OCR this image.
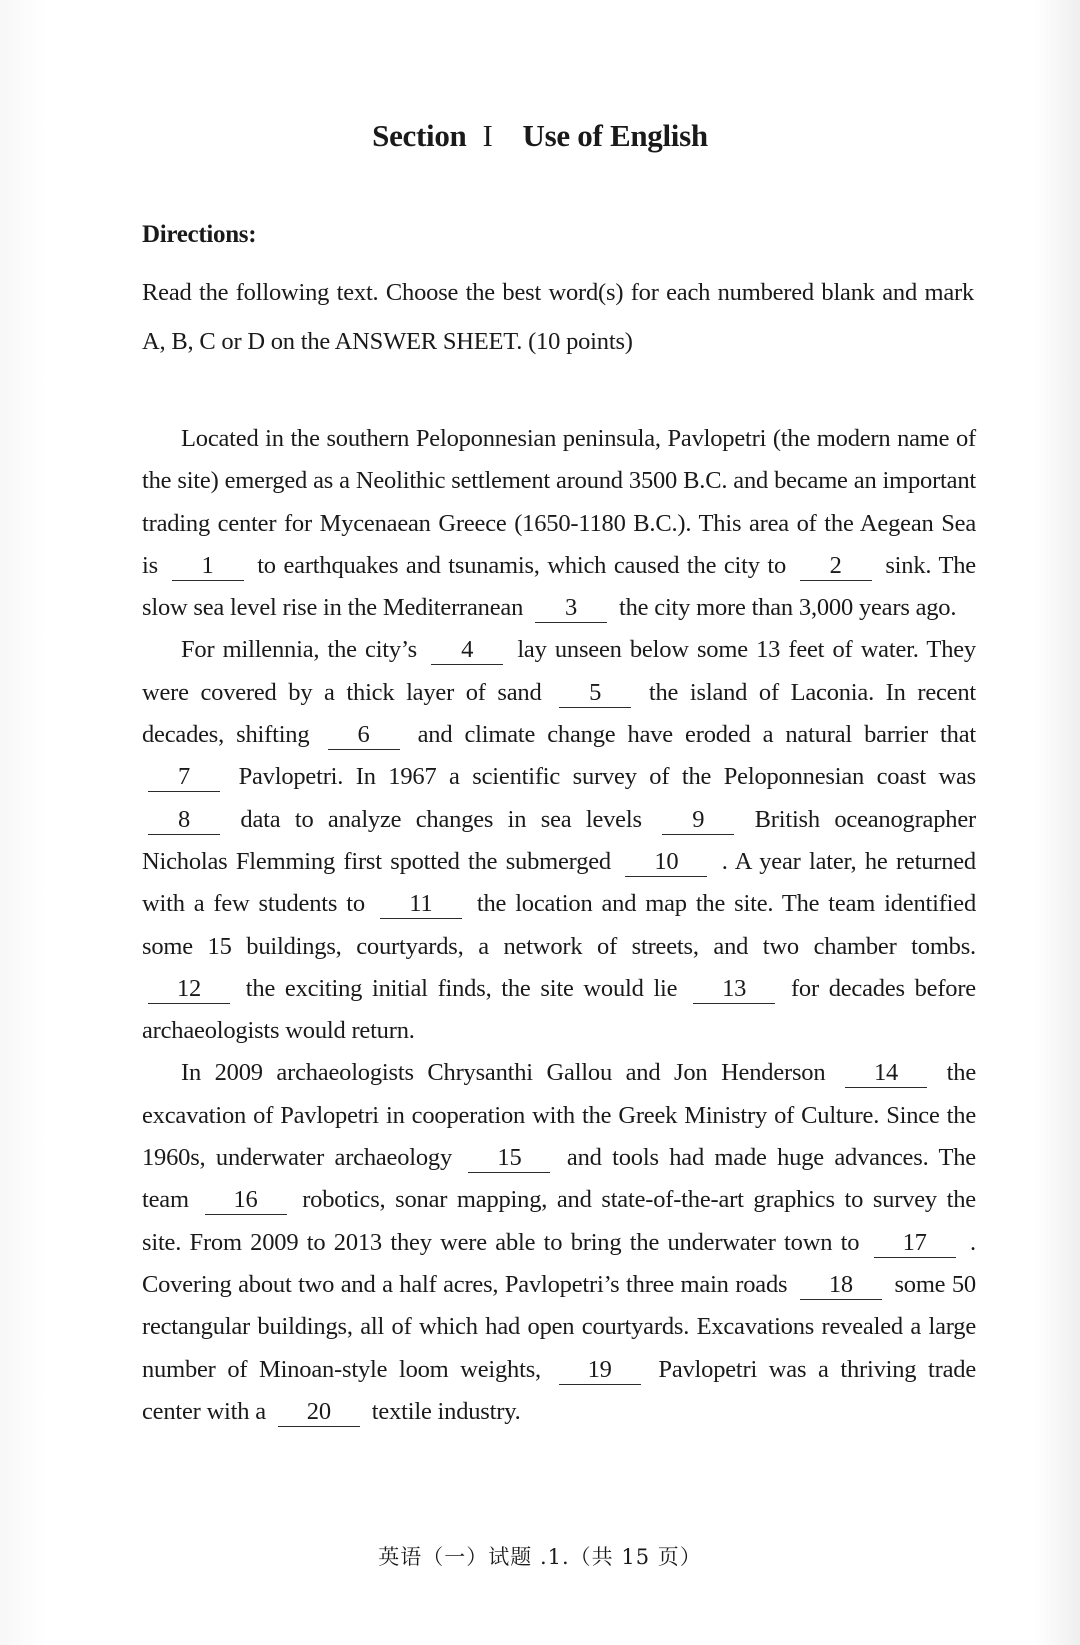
Section I Use of English
Directions:
Read the following text. Choose the best word(s) for each numbered blank and mark A, B, C or D on the ANSWER SHEET. (10 points)

Located in the southern Peloponnesian peninsula, Pavlopetri (the modern name of the site) emerged as a Neolithic settlement around 3500 B.C. and became an important trading center for Mycenaean Greece (1650-1180 B.C.). This area of the Aegean Sea is 1 to earthquakes and tsunamis, which caused the city to 2 sink. The slow sea level rise in the Mediterranean 3 the city more than 3,000 years ago.

For millennia, the city’s 4 lay unseen below some 13 feet of water. They were covered by a thick layer of sand 5 the island of Laconia. In recent decades, shifting 6 and climate change have eroded a natural barrier that 7 Pavlopetri. In 1967 a scientific survey of the Peloponnesian coast was 8 data to analyze changes in sea levels 9 British oceanographer Nicholas Flemming first spotted the submerged 10 . A year later, he returned with a few students to 11 the location and map the site. The team identified some 15 buildings, courtyards, a network of streets, and two chamber tombs. 12 the exciting initial finds, the site would lie 13 for decades before archaeologists would return.

In 2009 archaeologists Chrysanthi Gallou and Jon Henderson 14 the excavation of Pavlopetri in cooperation with the Greek Ministry of Culture. Since the 1960s, underwater archaeology 15 and tools had made huge advances. The team 16 robotics, sonar mapping, and state-of-the-art graphics to survey the site. From 2009 to 2013 they were able to bring the underwater town to 17 . Covering about two and a half acres, Pavlopetri’s three main roads 18 some 50 rectangular buildings, all of which had open courtyards. Excavations revealed a large number of Minoan-style loom weights, 19 Pavlopetri was a thriving trade center with a 20 textile industry.

英语（一）试题 .1.（共 15 页）
